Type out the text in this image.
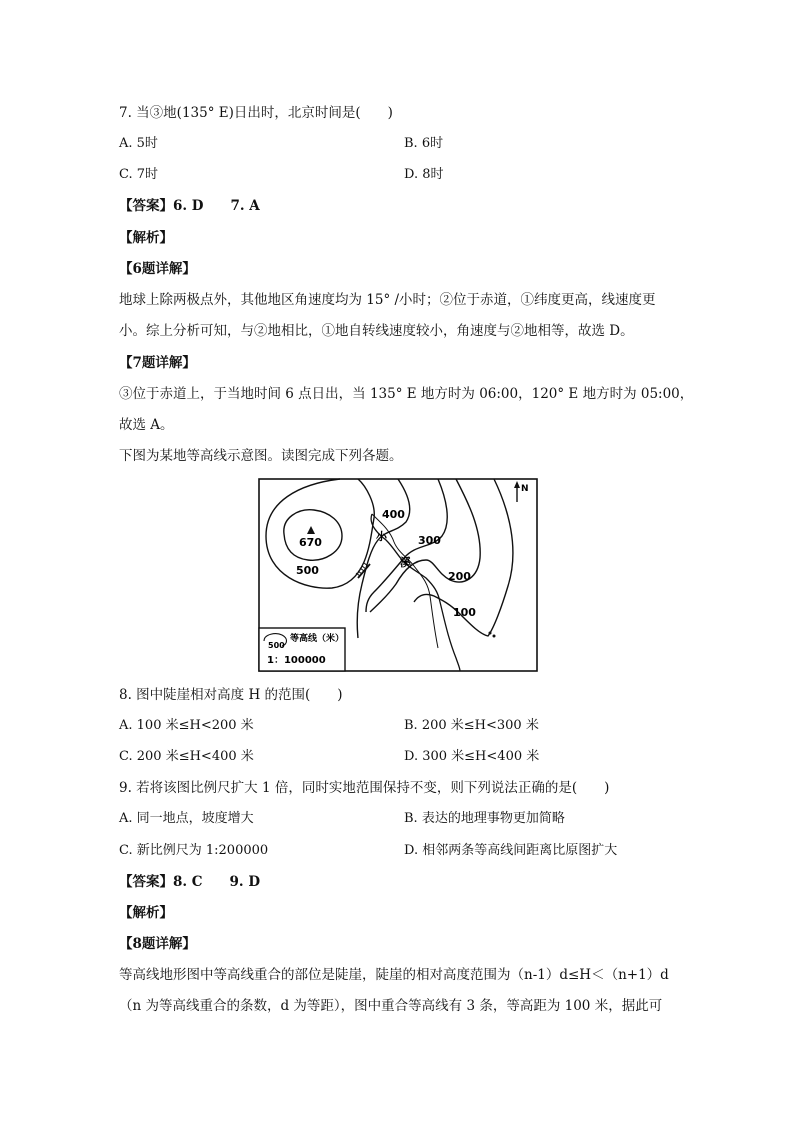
7. 当③地(135° E)日出时，北京时间是(　　)
A. 5时	B. 6时
C. 7时	D. 8时
【答案】6. D　　7. A
【解析】
【6题详解】
地球上除两极点外，其他地区角速度均为 15° /小时；②位于赤道，①纬度更高，线速度更
小。综上分析可知，与②地相比，①地自转线速度较小，角速度与②地相等，故选 D。
【7题详解】
③位于赤道上，于当地时间 6 点日出，当 135° E 地方时为 06:00，120° E 地方时为 05:00，
故选 A。
下图为某地等高线示意图。读图完成下列各题。
670
400
300
200
100
500
小
溪
N
500
等高线（米）
1：100000
8. 图中陡崖相对高度 H 的范围(　　)
A. 100 米≤H<200 米	B. 200 米≤H<300 米
C. 200 米≤H<400 米	D. 300 米≤H<400 米
9. 若将该图比例尺扩大 1 倍，同时实地范围保持不变，则下列说法正确的是(　　)
A. 同一地点，坡度增大	B. 表达的地理事物更加简略
C. 新比例尺为 1:200000	D. 相邻两条等高线间距离比原图扩大
【答案】8. C　　9. D
【解析】
【8题详解】
等高线地形图中等高线重合的部位是陡崖，陡崖的相对高度范围为（n-1）d≤H＜（n+1）d
（n 为等高线重合的条数，d 为等距），图中重合等高线有 3 条，等高距为 100 米，据此可
